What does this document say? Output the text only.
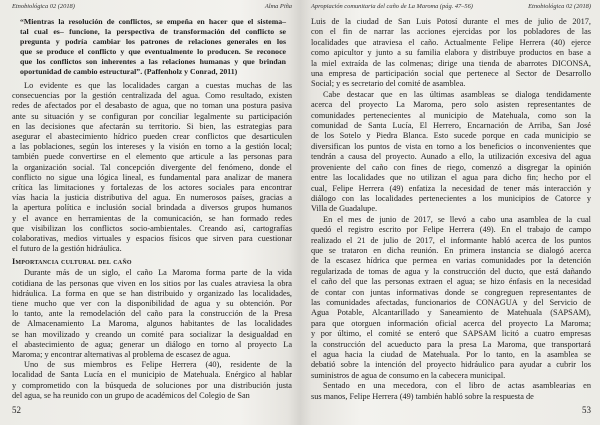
Etnobiológica 02 (2018)	Alma Piña
“Mientras la resolución de conflictos, se empeña en hacer que el sistema–
tal cual es– funcione, la perspectiva de transformación del conflicto se
pregunta y podría cambiar los patrones de relaciones generales en los
que se produce el conflicto y que eventualmente lo producen. Se reconoce
que los conflictos son inherentes a las relaciones humanas y que brindan
oportunidad de cambio estructural”. (Paffenholz y Conrad, 2011)
Lo evidente es que las localidades cargan a cuestas muchas de las
consecuencias por la gestión centralizada del agua. Como resultado, existen
redes de afectados por el desabasto de agua, que no toman una postura pasiva
ante su situación y se configuran por conciliar legalmente su participación
en las decisiones que afectarán su territorio. Si bien, las estrategias para
asegurar el abastecimiento hídrico pueden crear conflictos que desarticulen
a las poblaciones, según los intereses y la visión en torno a la gestión local;
también puede convertirse en el elemento que articule a las personas para
la organización social. Tal concepción divergente del fenómeno, donde el
conflicto no sigue una lógica lineal, es fundamental para analizar de manera
crítica las limitaciones y fortalezas de los actores sociales para encontrar
vías hacia la justicia distributiva del agua. En numerosos países, gracias a
la apertura política e inclusión social brindada a diversos grupos humanos
y el avance en herramientas de la comunicación, se han formado redes
que visibilizan los conflictos socio-ambientales. Creando así, cartografías
colaborativas, medios virtuales y espacios físicos que sirven para cuestionar
el futuro de la gestión hidráulica.
Importancia cultural del caño
Durante más de un siglo, el caño La Maroma forma parte de la vida
cotidiana de las personas que viven en los sitios por las cuales atraviesa la obra
hidráulica. La forma en que se han distribuido y organizado las localidades,
tiene mucho que ver con la disponibilidad de agua y su obtención. Por
lo tanto, ante la remodelación del caño para la construcción de la Presa
de Almacenamiento La Maroma, algunos habitantes de las localidades
se han movilizado y creando un comité para socializar la desigualdad en
el abastecimiento de agua; generar un diálogo en torno al proyecto La
Maroma; y encontrar alternativas al problema de escasez de agua.
Uno de sus miembros es Felipe Herrera (40), residente de la
localidad de Santa Lucía en el municipio de Matehuala. Enérgico al hablar
y comprometido con la búsqueda de soluciones por una distribución justa
del agua, se ha reunido con un grupo de académicos del Colegio de San
52
Apropiación comunitaria del caño de La Maroma (pág. 47–56)	Etnobiológica 02 (2018)
Luis de la ciudad de San Luis Potosí durante el mes de julio de 2017,
con el fin de narrar las acciones ejercidas por los pobladores de las
localidades que atraviesa el caño. Actualmente Felipe Herrera (40) ejerce
como apicultor y junto a su familia elabora y distribuye productos en base a
la miel extraída de las colmenas; dirige una tienda de abarrotes DICONSA,
una empresa de participación social que pertenece al Sector de Desarrollo
Social; y es secretario del comité de asamblea.
Cabe destacar que en las últimas asambleas se dialoga tendidamente
acerca del proyecto La Maroma, pero solo asisten representantes de
comunidades pertenecientes al municipio de Matehuala, como son la
comunidad de Santa Lucía, El Herrero, Encarnación de Arriba, San José
de los Sotelo y Piedra Blanca. Esto sucede porque en cada municipio se
diversifican los puntos de vista en torno a los beneficios o inconvenientes que
tendrán a causa del proyecto. Aunado a ello, la utilización excesiva del agua
proveniente del caño con fines de riego, comenzó a disgregar la opinión
entre las localidades que no utilizan el agua para dicho fin; hecho por el
cual, Felipe Herrera (49) enfatiza la necesidad de tener más interacción y
diálogo con las localidades pertenecientes a los municipios de Catorce y
Villa de Guadalupe.
En el mes de junio de 2017, se llevó a cabo una asamblea de la cual
quedó el registro escrito por Felipe Herrera (49). En el trabajo de campo
realizado el 21 de julio de 2017, el informante habló acerca de los puntos
que se trataron en dicha reunión. En primera instancia se dialogó acerca
de la escasez hídrica que permea en varias comunidades por la detención
regularizada de tomas de agua y la construcción del ducto, que está dañando
el caño del que las personas extraen el agua; se hizo énfasis en la necesidad
de contar con juntas informativas donde se congreguen representantes de
las comunidades afectadas, funcionarios de CONAGUA y del Servicio de
Agua Potable, Alcantarillado y Saneamiento de Matehuala (SAPSAM),
para que otorguen información oficial acerca del proyecto La Maroma;
y por último, el comité se enteró que SAPSAM licitó a cuatro empresas
la construcción del acueducto para la presa La Maroma, que transportará
el agua hacia la ciudad de Matehuala. Por lo tanto, en la asamblea se
debatió sobre la intención del proyecto hidráulico para ayudar a cubrir los
suministros de agua de consumo en la cabecera municipal.
Sentado en una mecedora, con el libro de actas asamblearias en
sus manos, Felipe Herrera (49) también habló sobre la respuesta de
53
